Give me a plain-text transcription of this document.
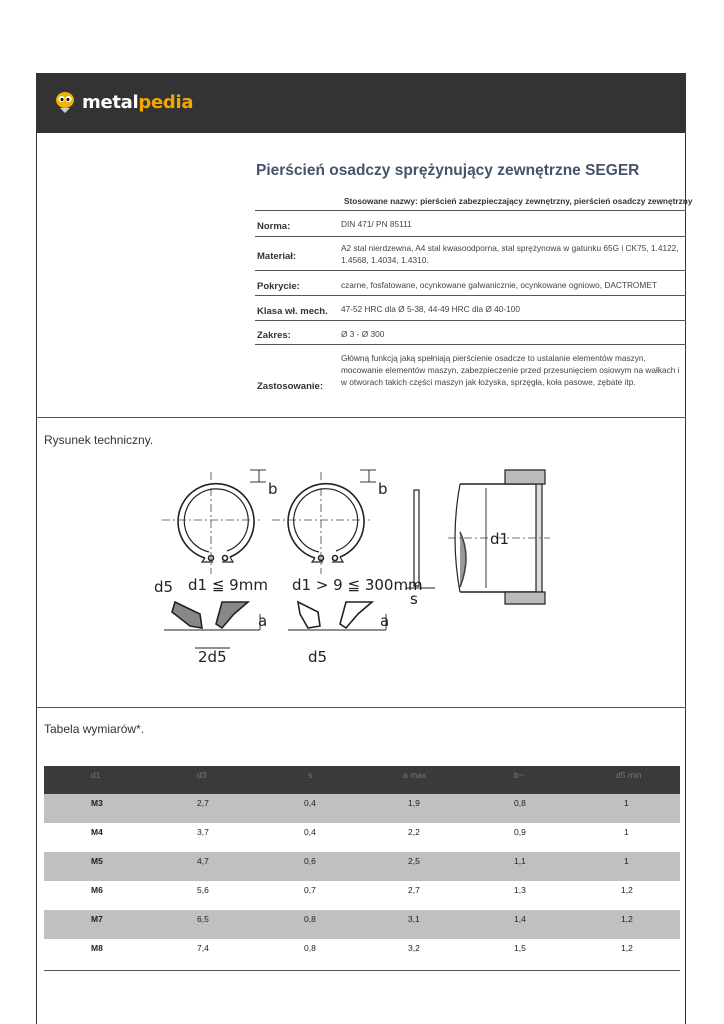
metalpedia
Pierścień osadczy sprężynujący zewnętrzne SEGER
Stosowane nazwy: pierścień zabezpieczający zewnętrzny, pierścień osadczy zewnętrzny
Norma:	DIN 471/ PN 85111
Materiał:
A2 stal nierdzewna, A4 stal kwasoodporna, stal sprężynowa w gatunku 65G i CK75, 1.4122, 1.4568, 1.4034, 1.4310.
Pokrycie:	czarne, fosfatowane, ocynkowane galwanicznie, ocynkowane ogniowo, DACTROMET
Klasa wł. mech. 47-52 HRC dla Ø 5-38, 44-49 HRC dla Ø 40-100
Zakres:	Ø 3 - Ø 300
Zastosowanie:
Główną funkcją jaką spełniają pierścienie osadcze to ustalanie elementów maszyn, mocowanie elementów maszyn, zabezpieczenie przed przesunięciem osiowym na wałkach i w otworach takich części maszyn jak łożyska, sprzęgła, koła pasowe, zębate itp.
Rysunek techniczny.
b	b
d5 d1 ≦ 9mm d1 > 9 ≦ 300mm
a	a
2d5	d5
s
d1
Tabela wymiarów*.
d1	d3	s	a max	b~	d5 min
M3	2,7	0,4	1,9	0,8	1
M4	3,7	0,4	2,2	0,9	1
M5	4,7	0,6	2,5	1,1	1
M6	5,6	0,7	2,7	1,3	1,2
M7	6,5	0,8	3,1	1,4	1,2
M8	7,4	0,8	3,2	1,5	1,2
